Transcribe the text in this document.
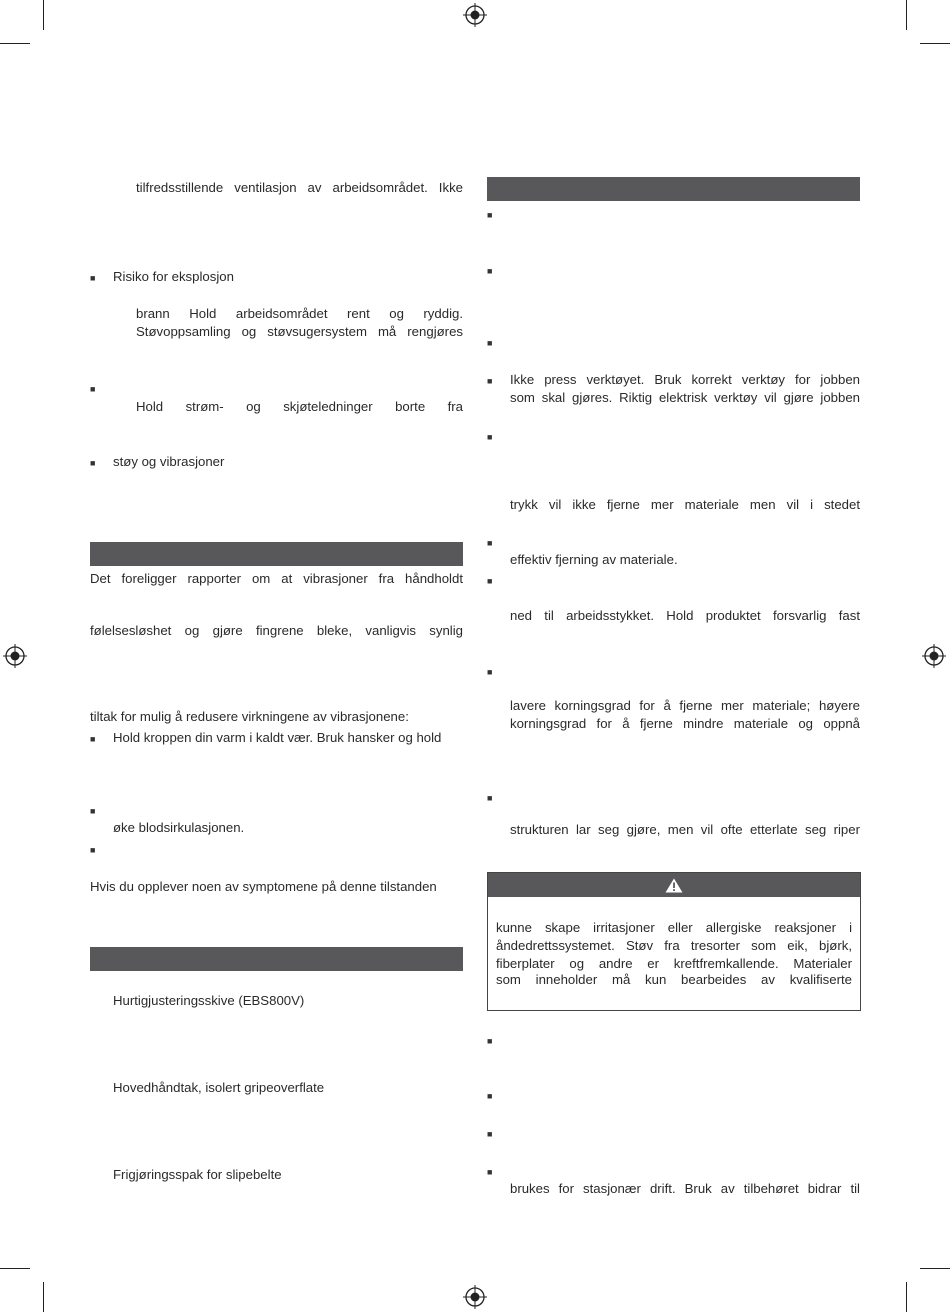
tilfredsstillende ventilasjon av arbeidsområdet. Ikke
■ Risiko for eksplosjon
brann Hold arbeidsområdet rent og ryddig.
Støvoppsamling og støvsugersystem må rengjøres
■
Hold strøm- og skjøteledninger borte fra
■ støy og vibrasjoner
Det foreligger rapporter om at vibrasjoner fra håndholdt
følelsesløshet og gjøre fingrene bleke, vanligvis synlig
tiltak for mulig å redusere virkningene av vibrasjonene:
■ Hold kroppen din varm i kaldt vær. Bruk hansker og hold
■
øke blodsirkulasjonen.
■
Hvis du opplever noen av symptomene på denne tilstanden
Hurtigjusteringsskive (EBS800V)
Hovedhåndtak, isolert gripeoverflate
Frigjøringsspak for slipebelte
■
■
■
■ Ikke press verktøyet. Bruk korrekt verktøy for jobben
som skal gjøres. Riktig elektrisk verktøy vil gjøre jobben
■
trykk vil ikke fjerne mer materiale men vil i stedet
■
effektiv fjerning av materiale.
■
ned til arbeidsstykket. Hold produktet forsvarlig fast
■
lavere korningsgrad for å fjerne mer materiale; høyere
korningsgrad for å fjerne mindre materiale og oppnå
■
strukturen lar seg gjøre, men vil ofte etterlate seg riper
kunne skape irritasjoner eller allergiske reaksjoner i
åndedrettssystemet. Støv fra tresorter som eik, bjørk,
fiberplater og andre er kreftfremkallende. Materialer
som inneholder må kun bearbeides av kvalifiserte
■
■
■
■
brukes for stasjonær drift. Bruk av tilbehøret bidrar til
